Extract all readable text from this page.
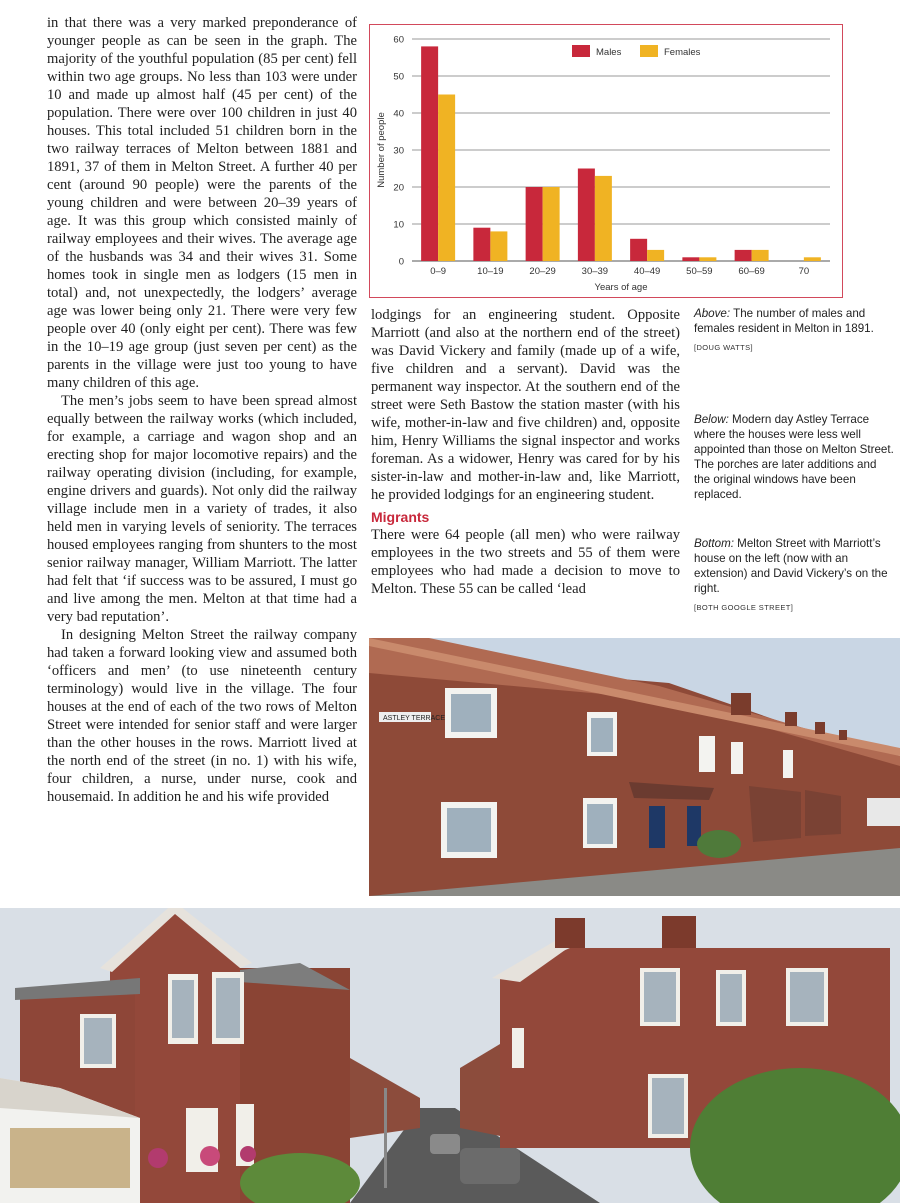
in that there was a very marked preponderance of younger people as can be seen in the graph. The majority of the youthful population (85 per cent) fell within two age groups. No less than 103 were under 10 and made up almost half (45 per cent) of the population. There were over 100 children in just 40 houses. This total included 51 children born in the two railway terraces of Melton between 1881 and 1891, 37 of them in Melton Street. A further 40 per cent (around 90 people) were the parents of the young children and were between 20–39 years of age. It was this group which consisted mainly of railway employees and their wives. The average age of the husbands was 34 and their wives 31. Some homes took in single men as lodgers (15 men in total) and, not unexpectedly, the lodgers’ average age was lower being only 21. There were very few people over 40 (only eight per cent). There was few in the 10–19 age group (just seven per cent) as the parents in the village were just too young to have many children of this age.

The men’s jobs seem to have been spread almost equally between the railway works (which included, for example, a carriage and wagon shop and an erecting shop for major locomotive repairs) and the railway operating division (including, for example, engine drivers and guards). Not only did the railway village include men in a variety of trades, it also held men in varying levels of seniority. The terraces housed employees ranging from shunters to the most senior railway manager, William Marriott. The latter had felt that ‘if success was to be assured, I must go and live among the men. Melton at that time had a very bad reputation’.

In designing Melton Street the railway company had taken a forward looking view and assumed both ‘officers and men’ (to use nineteenth century terminology) would live in the village. The four houses at the end of each of the two rows of Melton Street were intended for senior staff and were larger than the other houses in the rows. Marriott lived at the north end of the street (in no. 1) with his wife, four children, a nurse, under nurse, cook and housemaid. In addition he and his wife provided

0
10
20
30
40
50
60
0–9	10–19	20–29	30–39	40–49	50–59	60–69	70
Years of age
Number of people
Males	Females

lodgings for an engineering student. Opposite Marriott (and also at the northern end of the street) was David Vickery and family (made up of a wife, five children and a servant). David was the permanent way inspector. At the southern end of the street were Seth Bastow the station master (with his wife, mother-in-law and five children) and, opposite him, Henry Williams the signal inspector and works foreman. As a widower, Henry was cared for by his sister-in-law and mother-in-law and, like Marriott, he provided lodgings for an engineering student.

Migrants

There were 64 people (all men) who were railway employees in the two streets and 55 of them were employees who had made a decision to move to Melton. These 55 can be called ‘lead

Above: The number of males and females resident in Melton in 1891.
[DOUG WATTS]
Below: Modern day Astley Terrace where the houses were less well appointed than those on Melton Street. The porches are later additions and the original windows have been replaced.
Bottom: Melton Street with Marriott’s house on the left (now with an extension) and David Vickery’s on the right.
[BOTH GOOGLE STREET]
ASTLEY TERRACE
